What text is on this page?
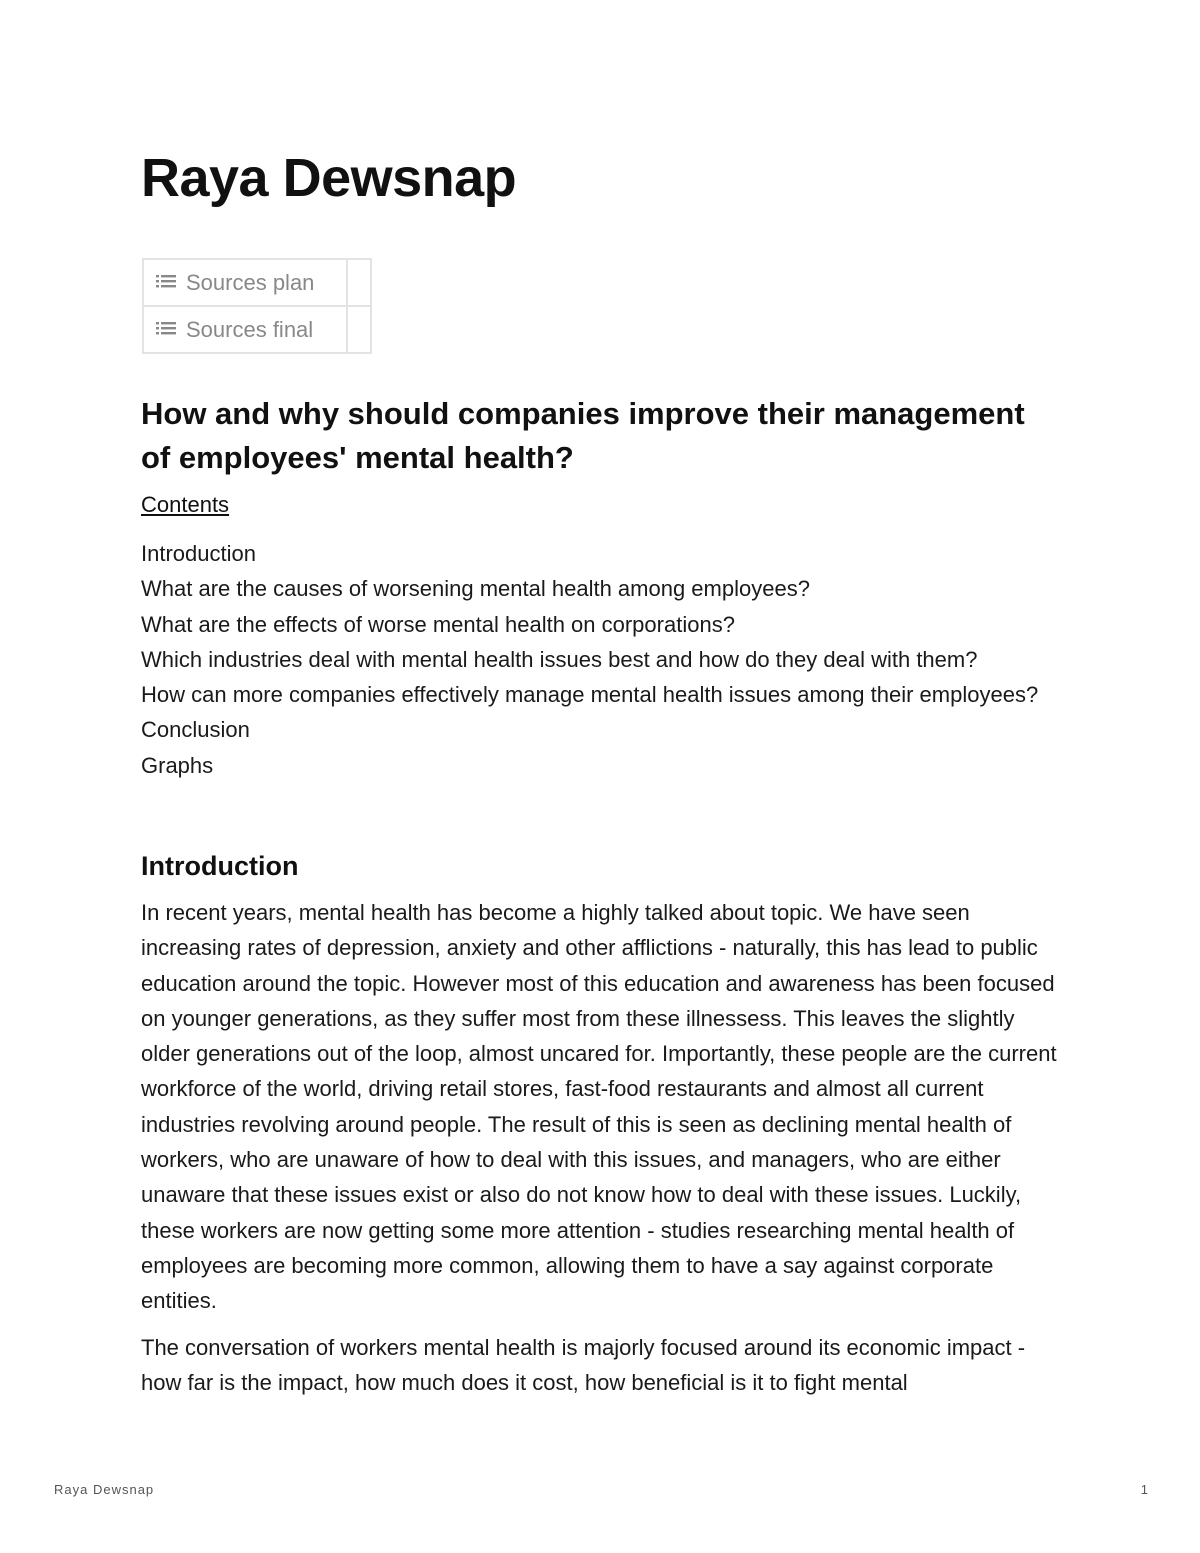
Raya Dewsnap
Sources plan	
Sources final	
How and why should companies improve their management of employees' mental health?
Contents
Introduction
What are the causes of worsening mental health among employees?
What are the effects of worse mental health on corporations?
Which industries deal with mental health issues best and how do they deal with them?
How can more companies effectively manage mental health issues among their employees?
Conclusion
Graphs
Introduction

In recent years, mental health has become a highly talked about topic. We have seen increasing rates of depression, anxiety and other afflictions - naturally, this has lead to public education around the topic. However most of this education and awareness has been focused on younger generations, as they suffer most from these illnessess. This leaves the slightly older generations out of the loop, almost uncared for. Importantly, these people are the current workforce of the world, driving retail stores, fast-food restaurants and almost all current industries revolving around people. The result of this is seen as declining mental health of workers, who are unaware of how to deal with this issues, and managers, who are either unaware that these issues exist or also do not know how to deal with these issues. Luckily, these workers are now getting some more attention - studies researching mental health of employees are becoming more common, allowing them to have a say against corporate entities.

The conversation of workers mental health is majorly focused around its economic impact - how far is the impact, how much does it cost, how beneficial is it to fight mental

Raya Dewsnap	1
